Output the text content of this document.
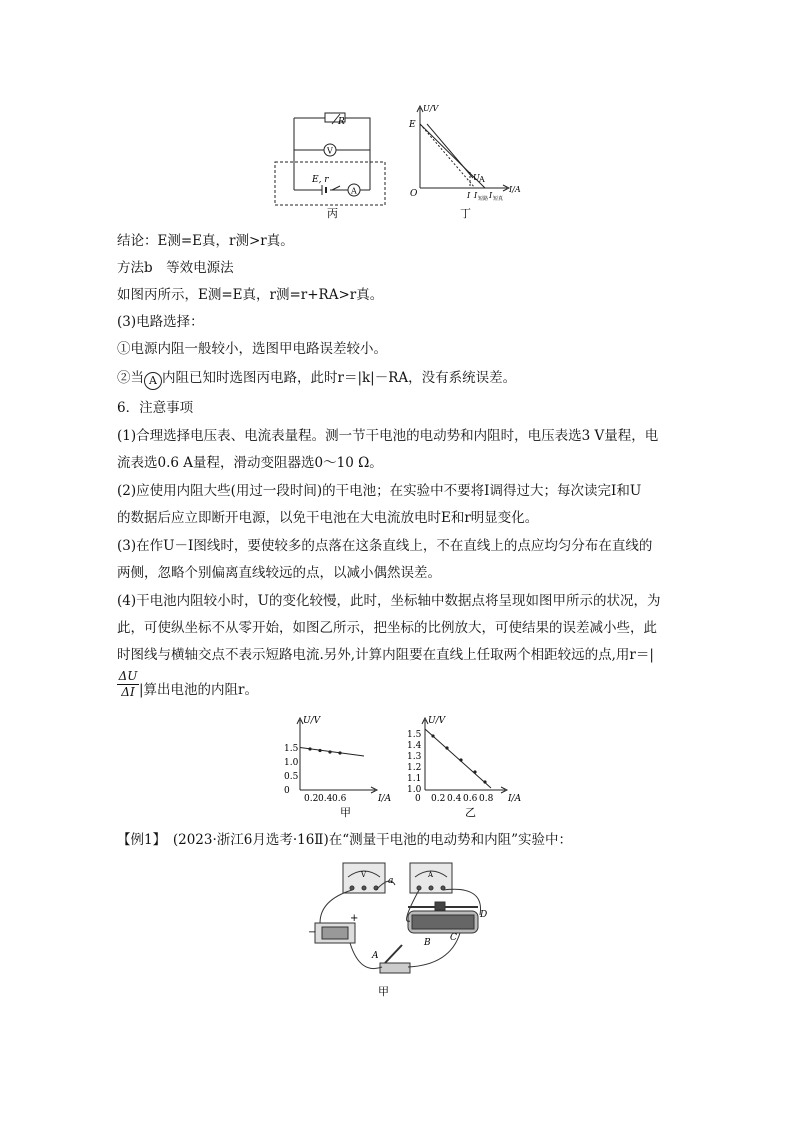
V
A
R
E, r
丙
U/V
I/A
E
O
U A
I I 短路 I 短真
丁
结论：E测=E真，r测>r真。
方法b　等效电源法
如图丙所示，E测=E真，r测=r+RA>r真。
(3)电路选择：
①电源内阻一般较小，选图甲电路误差较小。
②当 A 内阻已知时选图丙电路，此时r＝|k|－RA，没有系统误差。
6．注意事项
(1)合理选择电压表、电流表量程。测一节干电池的电动势和内阻时，电压表选3 V量程，电
流表选0.6 A量程，滑动变阻器选0～10 Ω。
(2)应使用内阻大些(用过一段时间)的干电池；在实验中不要将I调得过大；每次读完I和U
的数据后应立即断开电源，以免干电池在大电流放电时E和r明显变化。
(3)在作U－I图线时，要使较多的点落在这条直线上，不在直线上的点应均匀分布在直线的
两侧，忽略个别偏离直线较远的点，以减小偶然误差。
(4)干电池内阻较小时，U的变化较慢，此时，坐标轴中数据点将呈现如图甲所示的状况，为
此，可使纵坐标不从零开始，如图乙所示，把坐标的比例放大，可使结果的误差减小些，此
时图线与横轴交点不表示短路电流.另外,计算内阻要在直线上任取两个相距较远的点,用r＝|
$\frac{\Delta U}{\Delta I}$ |算出电池的内阻r。
U/V
I/A
1.5
1.0
0.5
0
0.2 0.4 0.6
甲
U/V
I/A
1.5
1.4
1.3
1.2
1.1
1.0
0 0.2 0.4 0.6 0.8
乙
【例1】　(2023·浙江6月选考·16Ⅱ)在“测量干电池的电动势和内阻”实验中：
V	A
a
A
B C
D
+
−
甲
